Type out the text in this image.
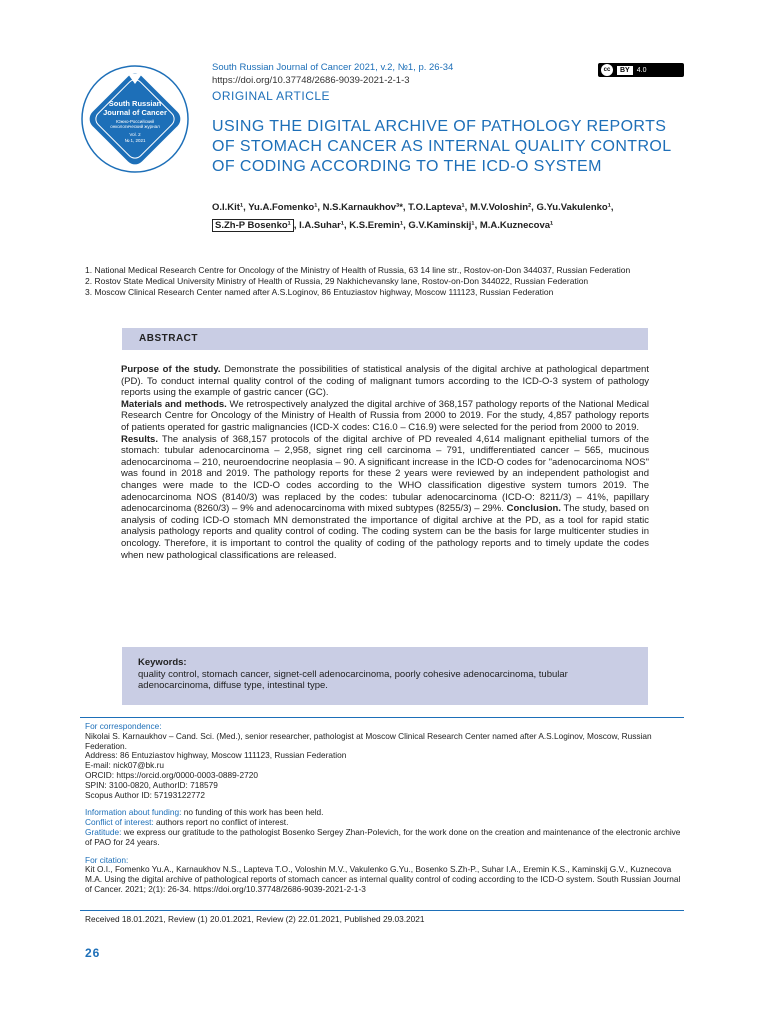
South Russian
Journal of Cancer
Южно-Российский
онкологический журнал
Vol. 2
№ 1, 2021
South Russian Journal of Cancer 2021, v.2, №1, p. 26-34
https://doi.org/10.37748/2686-9039-2021-2-1-3
ORIGINAL ARTICLE
cc	BY	4.0
USING THE DIGITAL ARCHIVE OF PATHOLOGY REPORTS
OF STOMACH CANCER AS INTERNAL QUALITY CONTROL
OF CODING ACCORDING TO THE ICD-O SYSTEM
O.I.Kit¹, Yu.A.Fomenko¹, N.S.Karnaukhov³*, T.O.Lapteva¹, M.V.Voloshin², G.Yu.Vakulenko¹,
S.Zh-P Bosenko¹ , I.A.Suhar¹, K.S.Eremin¹, G.V.Kaminskij¹, M.A.Kuznecova¹
1. National Medical Research Centre for Oncology of the Ministry of Health of Russia, 63 14 line str., Rostov-on-Don 344037, Russian Federation
2. Rostov State Medical University Ministry of Health of Russia, 29 Nakhichevansky lane, Rostov-on-Don 344022, Russian Federation
3. Moscow Clinical Research Center named after A.S.Loginov, 86 Entuziastov highway, Moscow 111123, Russian Federation
ABSTRACT

Purpose of the study. Demonstrate the possibilities of statistical analysis of the digital archive at pathological department (PD). To conduct internal quality control of the coding of malignant tumors according to the ICD-O-3 system of pathology reports using the example of gastric cancer (GC).

Materials and methods. We retrospectively analyzed the digital archive of 368,157 pathology reports of the National Medical Research Centre for Oncology of the Ministry of Health of Russia from 2000 to 2019. For the study, 4,857 pathology reports of patients operated for gastric malignancies (ICD-X codes: C16.0 – C16.9) were selected for the period from 2000 to 2019.

Results. The analysis of 368,157 protocols of the digital archive of PD revealed 4,614 malignant epithelial tumors of the stomach: tubular adenocarcinoma – 2,958, signet ring cell carcinoma – 791, undifferentiated cancer – 565, mucinous adenocarcinoma – 210, neuroendocrine neoplasia – 90. A significant increase in the ICD-O codes for "adenocarcinoma NOS" was found in 2018 and 2019. The pathology reports for these 2 years were reviewed by an independent pathologist and changes were made to the ICD-O codes according to the WHO classification digestive system tumors 2019. The adenocarcinoma NOS (8140/3) was replaced by the codes: tubular adenocarcinoma (ICD-O: 8211/3) – 41%, papillary adenocarcinoma (8260/3) – 9% and adenocarcinoma with mixed subtypes (8255/3) – 29%. Conclusion. The study, based on analysis of coding ICD-O stomach MN demonstrated the importance of digital archive at the PD, as a tool for rapid static analysis pathology reports and quality control of coding. The coding system can be the basis for large multicenter studies in oncology. Therefore, it is important to control the quality of coding of the pathology reports and to timely update the codes when new pathological classifications are released.

Keywords:
quality control, stomach cancer, signet-cell adenocarcinoma, poorly cohesive adenocarcinoma, tubular adenocarcinoma, diffuse type, intestinal type.
For correspondence:
Nikolai S. Karnaukhov – Cand. Sci. (Med.), senior researcher, pathologist at Moscow Clinical Research Center named after A.S.Loginov, Moscow, Russian Federation.
Address: 86 Entuziastov highway, Moscow 111123, Russian Federation
E-mail: nick07@bk.ru
ORCID: https://orcid.org/0000-0003-0889-2720
SPIN: 3100-0820, AuthorID: 718579
Scopus Author ID: 57193122772
Information about funding: no funding of this work has been held.
Conflict of interest: authors report no conflict of interest.
Gratitude: we express our gratitude to the pathologist Bosenko Sergey Zhan-Polevich, for the work done on the creation and maintenance of the electronic archive of PAO for 24 years.
For citation:
Kit O.I., Fomenko Yu.A., Karnaukhov N.S., Lapteva T.O., Voloshin M.V., Vakulenko G.Yu., Bosenko S.Zh-P., Suhar I.A., Eremin K.S., Kaminskij G.V., Kuznecova M.A. Using the digital archive of pathological reports of stomach cancer as internal quality control of coding according to the ICD-O system. South Russian Journal of Cancer. 2021; 2(1): 26-34. https://doi.org/10.37748/2686-9039-2021-2-1-3
Received 18.01.2021, Review (1) 20.01.2021, Review (2) 22.01.2021, Published 29.03.2021
26
